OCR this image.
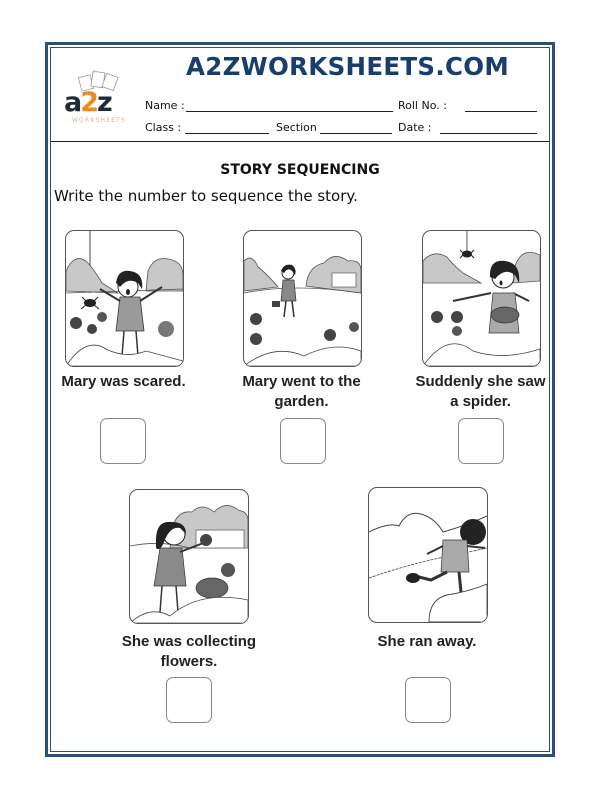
a2z
WORKSHEETS
A2ZWORKSHEETS.COM
Name :	Roll No. :
Class :	Section	Date :
STORY SEQUENCING
Write the number to sequence the story.
Mary was scared.	Mary went to the
garden.
Suddenly she saw
a spider.
She was collecting
flowers.
She ran away.
